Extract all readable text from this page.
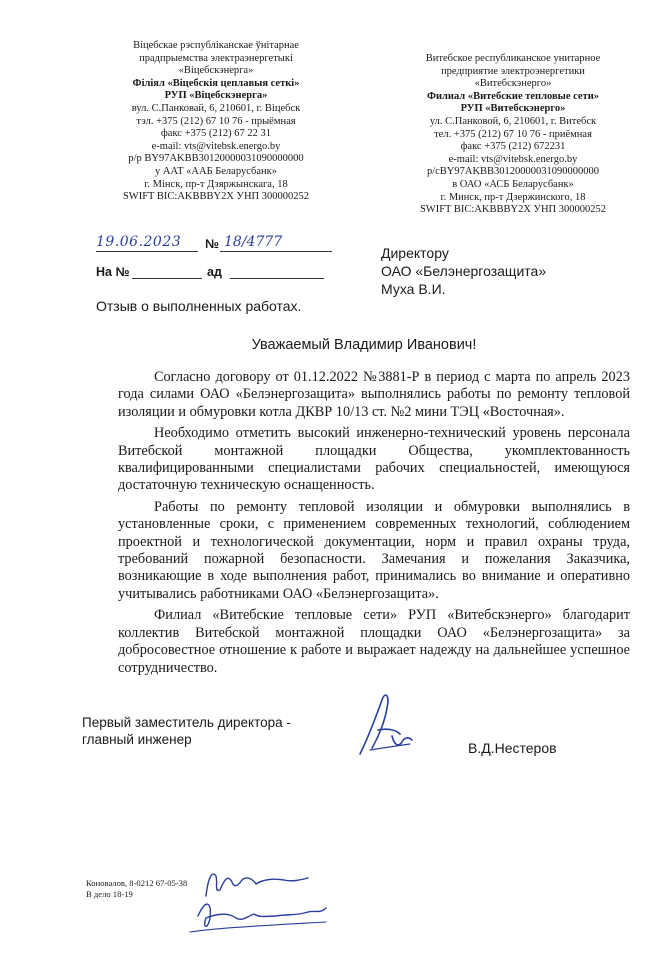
Віцебскае рэспубліканскае ўнітарнае
прадпрыемства электраэнергетыкі
«Віцебскэнерга»
Філіял «Віцебскія цеплавыя сеткі»
РУП «Віцебскэнерга»
вул. С.Панковай, 6, 210601, г. Віцебск
тэл. +375 (212) 67 10 76 - прыёмная
факс +375 (212) 67 22 31
e-mail: vts@vitebsk.energo.by
р/р BY97AKBB30120000031090000000
у ААТ «ААБ Беларусбанк»
г. Мінск, пр-т Дзяржынскага, 18
SWIFT BIC:AKBBBY2X УНП 300000252
Витебское республиканское унитарное
предприятие электроэнергетики
«Витебскэнерго»
Филиал «Витебские тепловые сети»
РУП «Витебскэнерго»
ул. С.Панковой, 6, 210601, г. Витебск
тел. +375 (212) 67 10 76 - приёмная
факс +375 (212) 672231
e-mail: vts@vitebsk.energo.by
р/сBY97AKBB30120000031090000000
в ОАО «АСБ Беларусбанк»
г. Минск, пр-т Дзержинского, 18
SWIFT BIC:AKBBBY2X УНП 300000252
19.06.2023 № 18/4777
На №	ад
Директору
ОАО «Белэнергозащита»
Муха В.И.
Отзыв о выполненных работах.
Уважаемый Владимир Иванович!

Согласно договору от 01.12.2022 №3881-Р в период с марта по апрель 2023 года силами ОАО «Белэнергозащита» выполнялись работы по ремонту тепловой изоляции и обмуровки котла ДКВР 10/13 ст. №2 мини ТЭЦ «Восточная».

Необходимо отметить высокий инженерно-технический уровень персонала Витебской монтажной площадки Общества, укомплектованность квалифицированными специалистами рабочих специальностей, имеющуюся достаточную техническую оснащенность.

Работы по ремонту тепловой изоляции и обмуровки выполнялись в установленные сроки, с применением современных технологий, соблюдением проектной и технологической документации, норм и правил охраны труда, требований пожарной безопасности. Замечания и пожелания Заказчика, возникающие в ходе выполнения работ, принимались во внимание и оперативно учитывались работниками ОАО «Белэнергозащита».

Филиал «Витебские тепловые сети» РУП «Витебскэнерго» благодарит коллектив Витебской монтажной площадки ОАО «Белэнергозащита» за добросовестное отношение к работе и выражает надежду на дальнейшее успешное сотрудничество.

Первый заместитель директора -
главный инженер
В.Д.Нестеров
Коновалов, 8-0212 67-05-38
В дело 18-19
